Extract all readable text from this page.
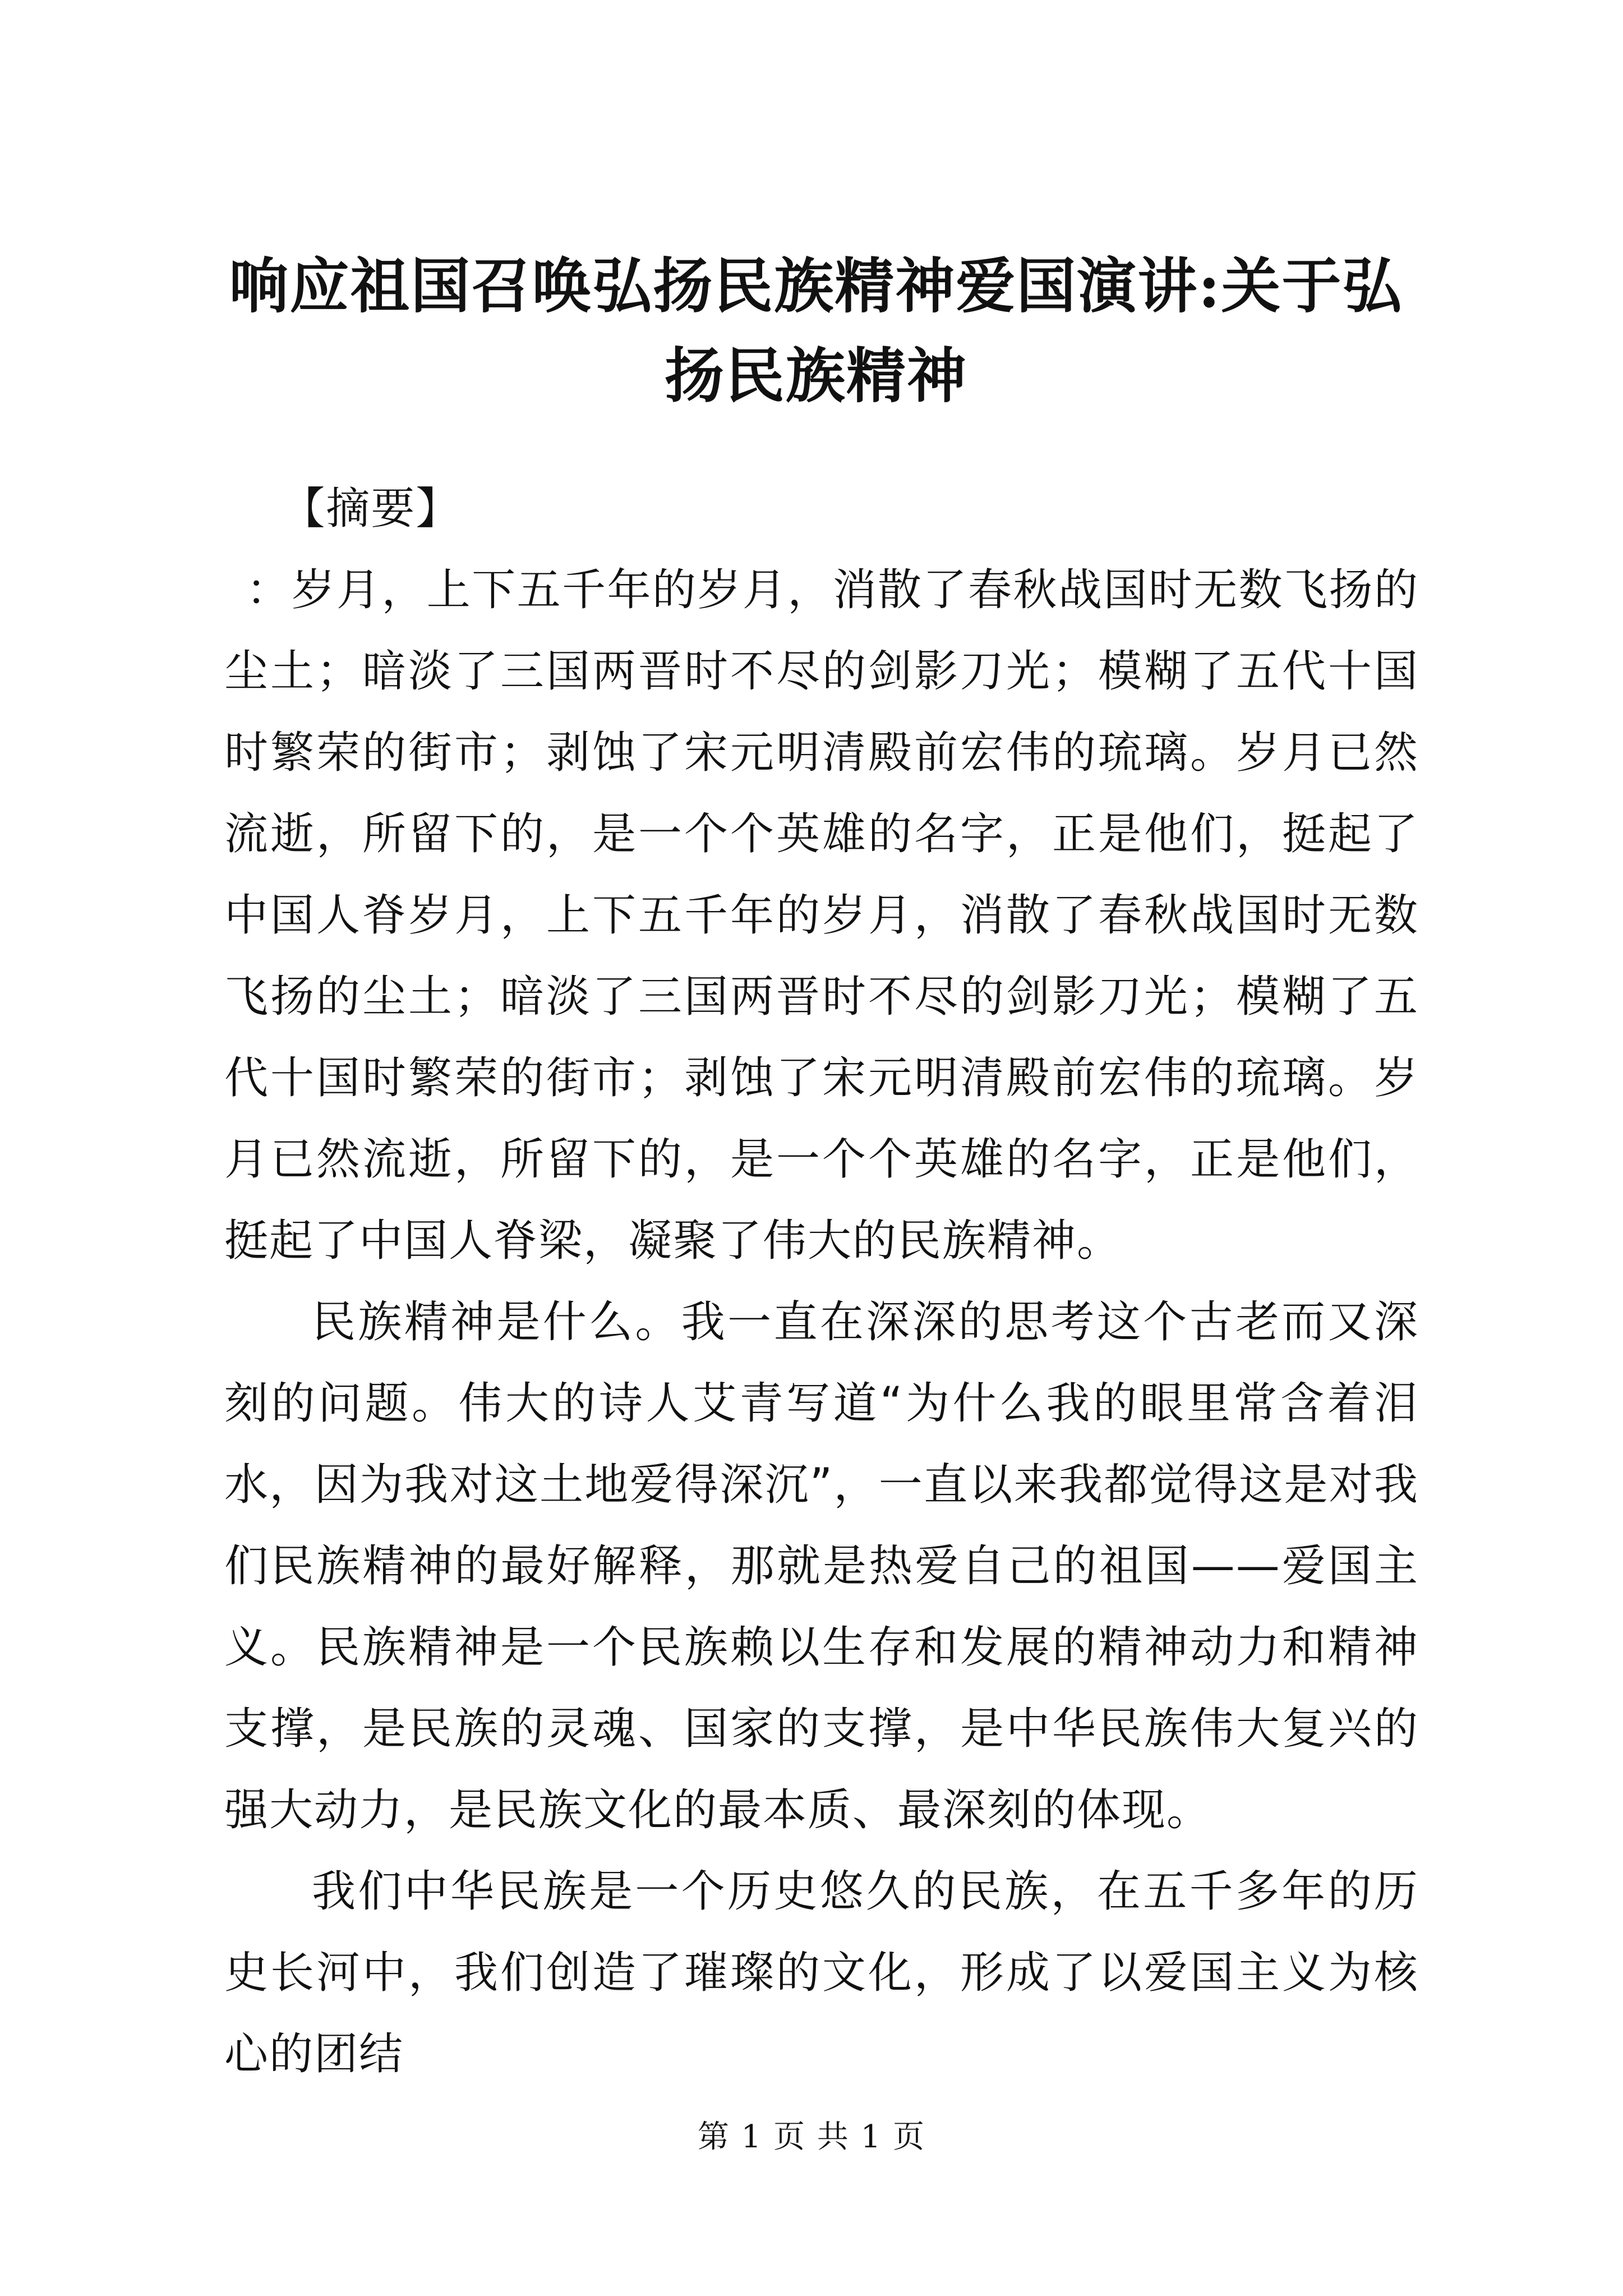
响应祖国召唤弘扬民族精神爱国演讲:关于弘扬民族精神

【摘要】

：岁月，上下五千年的岁月，消散了春秋战国时无数飞扬的尘土；暗淡了三国两晋时不尽的剑影刀光；模糊了五代十国时繁荣的街市；剥蚀了宋元明清殿前宏伟的琉璃。岁月已然流逝，所留下的，是一个个英雄的名字，正是他们，挺起了中国人脊岁月，上下五千年的岁月，消散了春秋战国时无数飞扬的尘土；暗淡了三国两晋时不尽的剑影刀光；模糊了五代十国时繁荣的街市；剥蚀了宋元明清殿前宏伟的琉璃。岁月已然流逝，所留下的，是一个个英雄的名字，正是他们，挺起了中国人脊梁，凝聚了伟大的民族精神。

民族精神是什么。我一直在深深的思考这个古老而又深刻的问题。伟大的诗人艾青写道“为什么我的眼里常含着泪水，因为我对这土地爱得深沉”，一直以来我都觉得这是对我们民族精神的最好解释，那就是热爱自己的祖国——爱国主义。民族精神是一个民族赖以生存和发展的精神动力和精神支撑，是民族的灵魂、国家的支撑，是中华民族伟大复兴的强大动力，是民族文化的最本质、最深刻的体现。

我们中华民族是一个历史悠久的民族，在五千多年的历史长河中，我们创造了璀璨的文化，形成了以爱国主义为核心的团结

第 1 页 共 1 页
